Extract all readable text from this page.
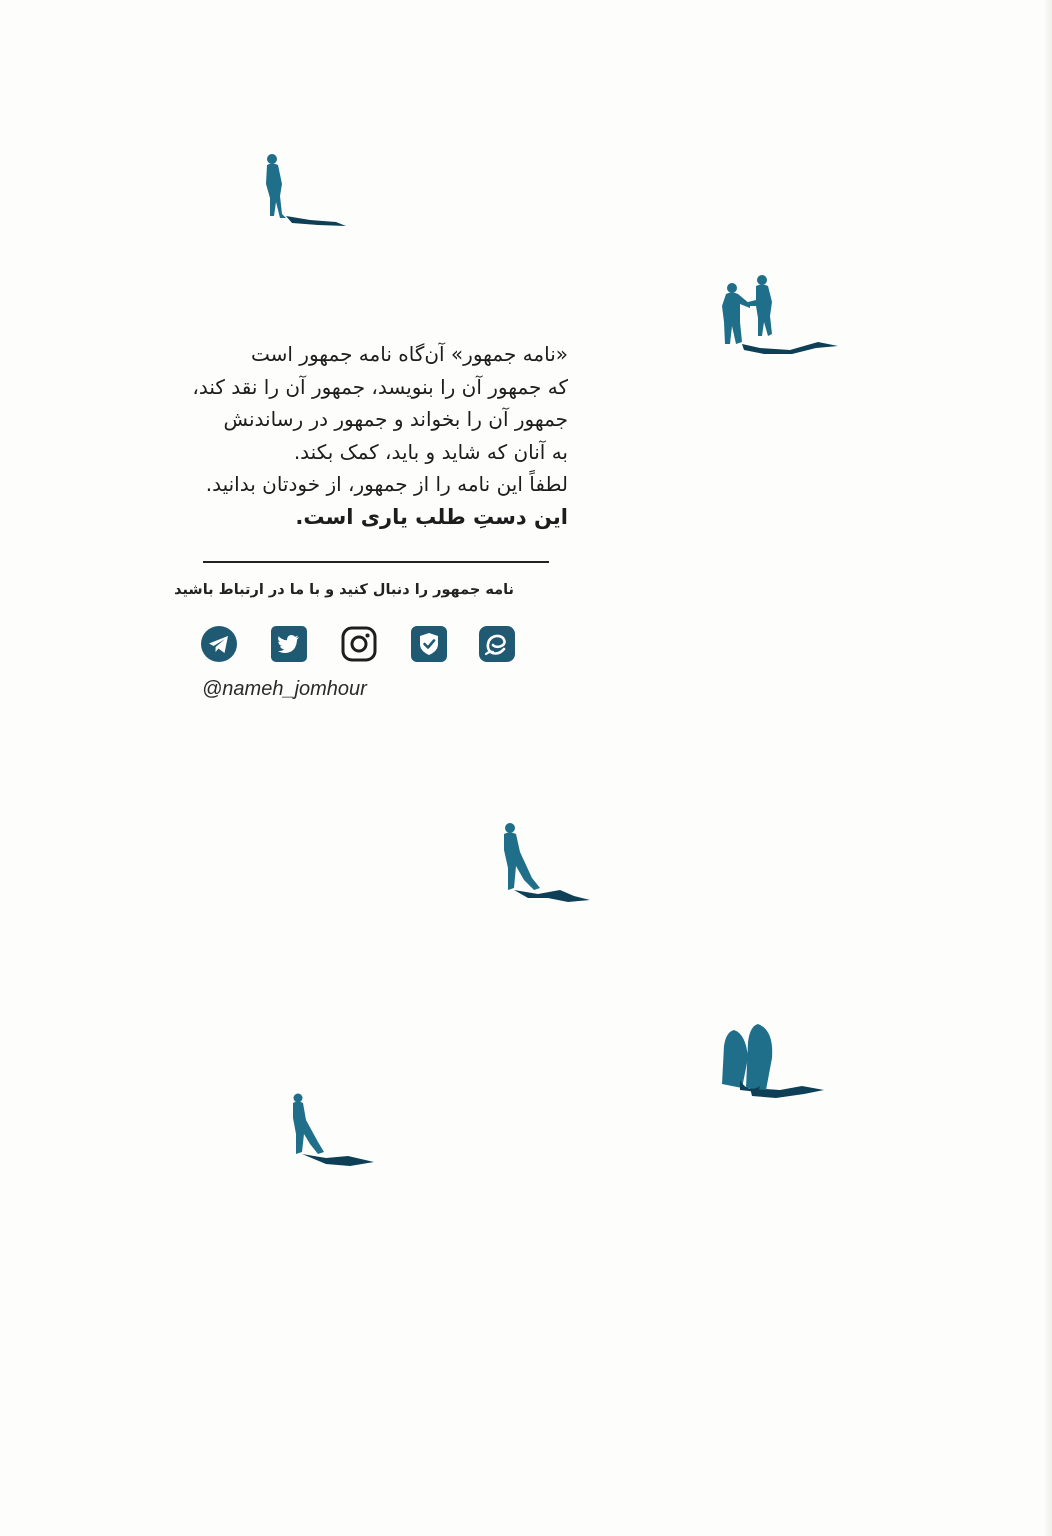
«نامه جمهور» آن‌گاه نامه جمهور است

که جمهور آن را بنویسد، جمهور آن را نقد کند،

جمهور آن را بخواند و جمهور در رساندنش

به آنان که شاید و باید، کمک بکند.

لطفاً این نامه را از جمهور، از خودتان بدانید.

این دستِ طلب یاری است.

نامه جمهور را دنبال کنید و با ما در ارتباط باشید
@nameh_jomhour
